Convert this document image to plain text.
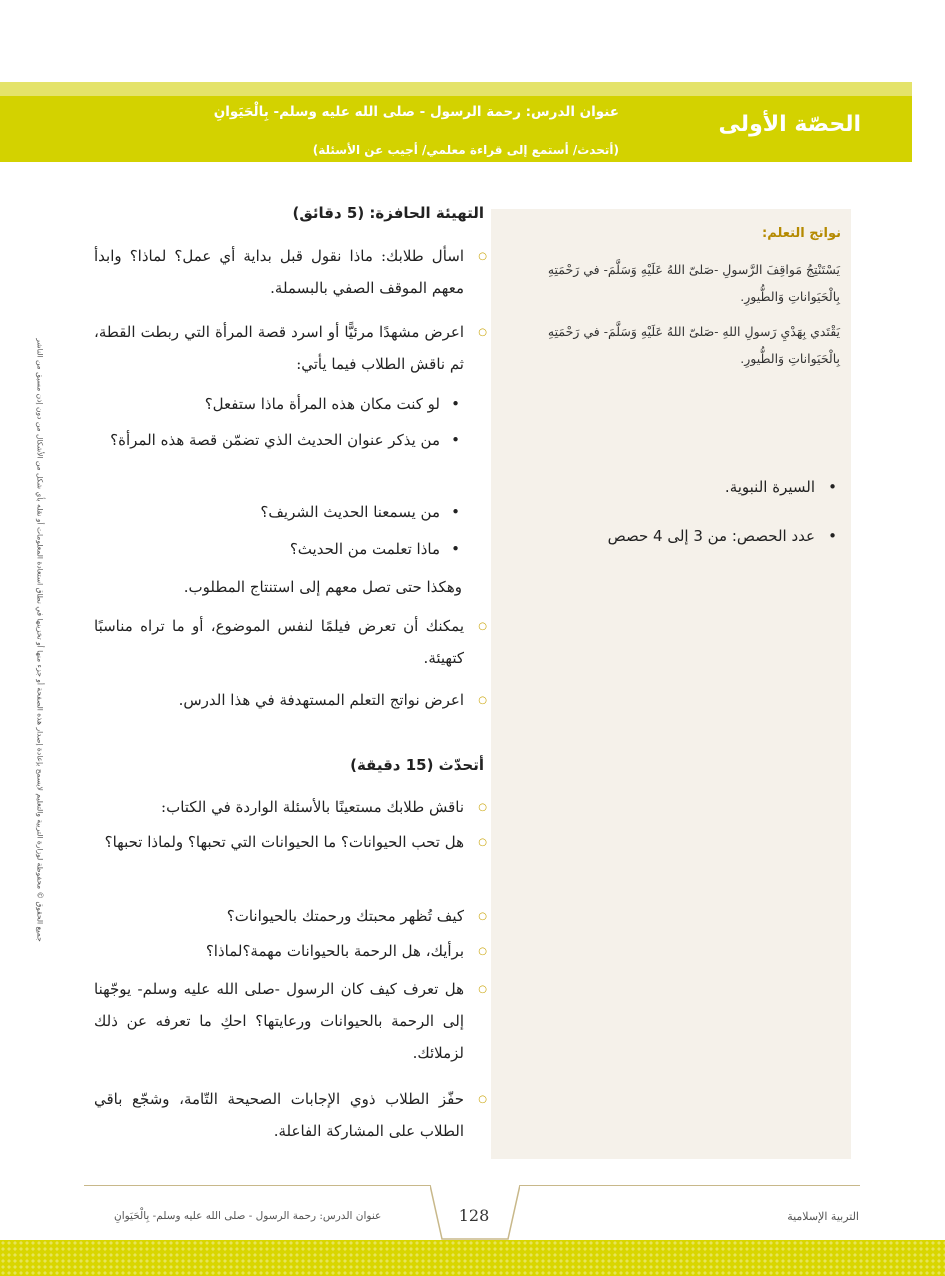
الحصّة الأولى
عنوان الدرس: رحمة الرسول - صلى الله عليه وسلم- بِالْحَيَوانِ
(أتحدث/ أستمع إلى قراءة معلمي/ أجيب عن الأسئلة)
نواتج التعلم:
يَسْتَنْتِجُ مَواقِفَ الرَّسولِ -صَلىّ اللهُ عَلَيْهِ وَسَلَّمَ- في رَحْمَتِهِ بِالْحَيَواناتِ وَالطُّيورِ.
يَقْتَدي بِهَدْيِ رَسولِ اللهِ -صَلىّ اللهُ عَلَيْهِ وَسَلَّمَ- في رَحْمَتِهِ بِالْحَيَواناتِ وَالطُّيورِ.
• السيرة النبوية.
• عدد الحصص: من 3 إلى 4 حصص
التهيئة الحافزة: (5 دقائق)
○ اسأل طلابك: ماذا نقول قبل بداية أي عمل؟ لماذا؟ وابدأ معهم الموقف الصفي بالبسملة.
○ اعرض مشهدًا مرئيًّا أو اسرد قصة المرأة التي ربطت القطة، ثم ناقش الطلاب فيما يأتي:
• لو كنت مكان هذه المرأة ماذا ستفعل؟
• من يذكر عنوان الحديث الذي تضمّن قصة هذه المرأة؟
• من يسمعنا الحديث الشريف؟
• ماذا تعلمت من الحديث؟
وهكذا حتى تصل معهم إلى استنتاج المطلوب.
○ يمكنك أن تعرض فيلمًا لنفس الموضوع، أو ما تراه مناسبًا كتهيئة.
○ اعرض نواتج التعلم المستهدفة في هذا الدرس.
أتحدّث (15 دقيقة)
○ ناقش طلابك مستعينًا بالأسئلة الواردة في الكتاب:
○ هل تحب الحيوانات؟ ما الحيوانات التي تحبها؟ ولماذا تحبها؟
○ كيف تُظهر محبتك ورحمتك بالحيوانات؟
○ برأيك، هل الرحمة بالحيوانات مهمة؟لماذا؟
○ هل تعرف كيف كان الرسول -صلى الله عليه وسلم- يوجّهنا إلى الرحمة بالحيوانات ورعايتها؟ احكِ ما تعرفه عن ذلك لزملائك.
○ حفّز الطلاب ذوي الإجابات الصحيحة التّامة، وشجّع باقي الطلاب على المشاركة الفاعلة.
جميع الحقوق © محفوظة لوزارة التربية والتعليم لايسمح بإعادة إصدار هذه الصفحة أو جزء منها أو تخزينها في نطاق استعادة المعلومات أو نقله بأي شكل من الأشكال من دون إذن مسبق من الناشر
128	التربية الإسلامية
عنوان الدرس: رحمة الرسول - صلى الله عليه وسلم- بِالْحَيَوانِ
